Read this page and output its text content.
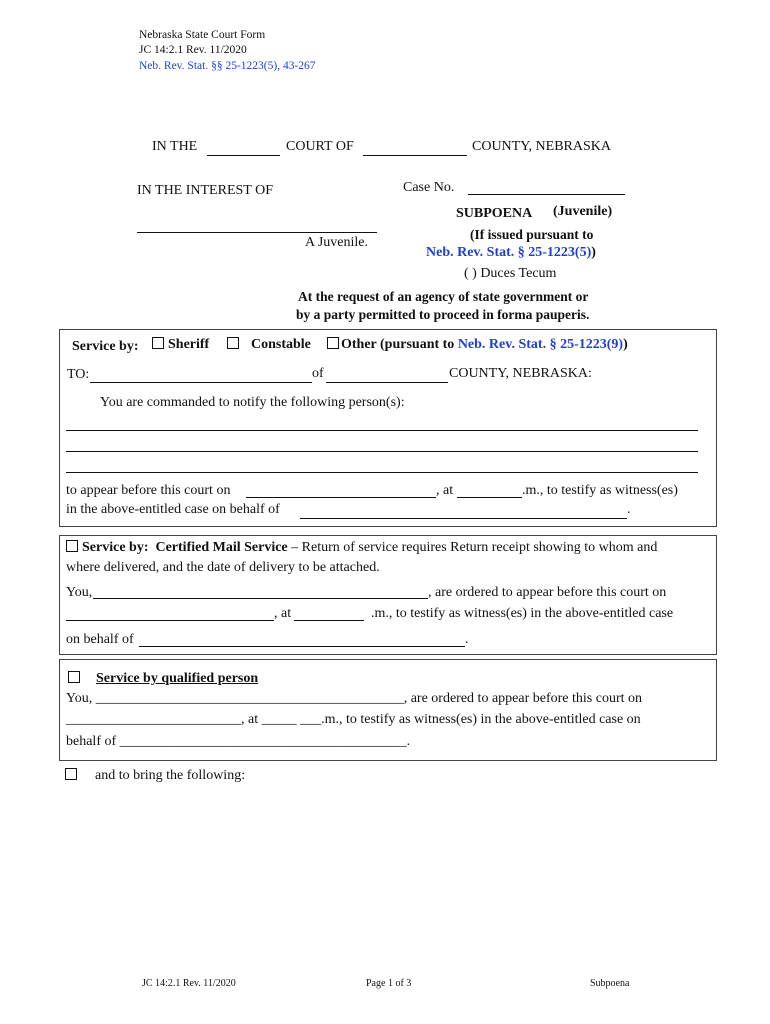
Nebraska State Court Form
JC 14:2.1 Rev. 11/2020
Neb. Rev. Stat. §§ 25-1223(5), 43-267
IN THE	COURT OF	COUNTY, NEBRASKA
IN THE INTEREST OF	Case No.
A Juvenile.
SUBPOENA (Juvenile)
(If issued pursuant to
Neb. Rev. Stat. § 25-1223(5))
( ) Duces Tecum
At the request of an agency of state government or
by a party permitted to proceed in forma pauperis.
Service by:	Sheriff	Constable	Other (pursuant to Neb. Rev. Stat. § 25-1223(9))
TO:	of	COUNTY, NEBRASKA:
You are commanded to notify the following person(s):
to appear before this court on	, at	.m., to testify as witness(es)
in the above-entitled case on behalf of	.
Service by: Certified Mail Service – Return of service requires Return receipt showing to whom and
where delivered, and the date of delivery to be attached.
You,	, are ordered to appear before this court on
, at	.m., to testify as witness(es) in the above-entitled case
on behalf of	.
Service by qualified person
You, ____________________________________________, are ordered to appear before this court on
_________________________, at _____ ___.m., to testify as witness(es) in the above-entitled case on
behalf of _________________________________________.
and to bring the following:
JC 14:2.1 Rev. 11/2020	Page 1 of 3	Subpoena
